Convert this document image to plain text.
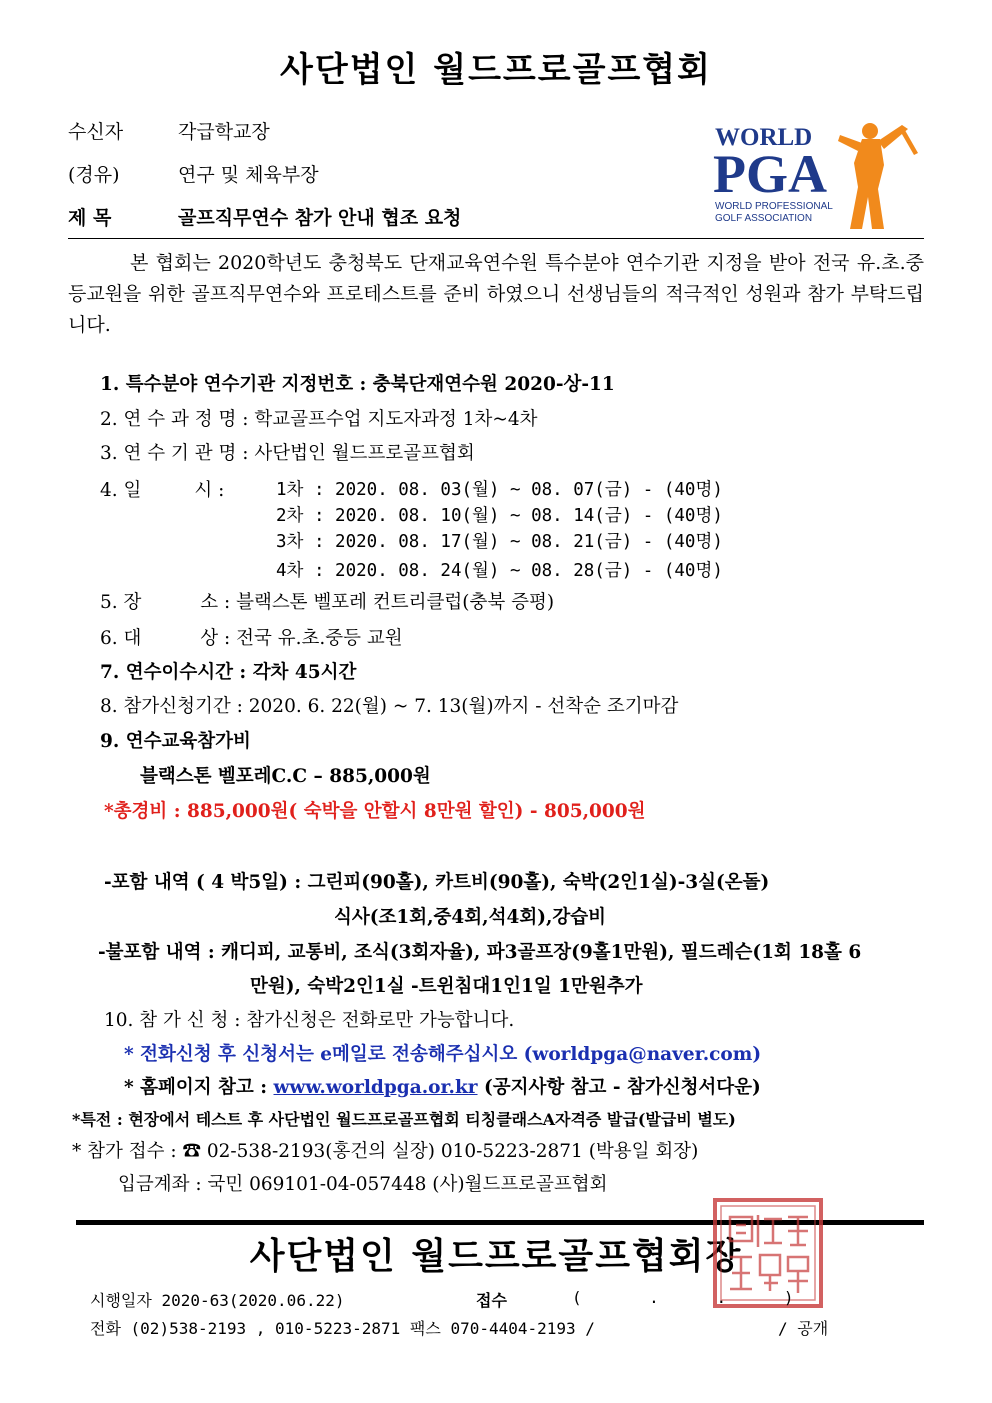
사단법인 월드프로골프협회
수신자	각급학교장
(경유)	연구 및 체육부장
제 목	골프직무연수 참가 안내 협조 요청
WORLD
PGA
WORLD PROFESSIONAL
GOLF ASSOCIATION
본 협회는 2020학년도 충청북도 단재교육연수원 특수분야 연수기관 지정을 받아 전국 유.초.중등교원을 위한 골프직무연수와 프로테스트를 준비 하였으니 선생님들의 적극적인 성원과 참가 부탁드립니다.
1. 특수분야 연수기관 지정번호 : 충북단재연수원 2020-상-11
2. 연 수 과 정 명 : 학교골프수업 지도자과정 1차~4차
3. 연 수 기 관 명 : 사단법인 월드프로골프협회
4. 일         시 :	1차 : 2020. 08. 03(월) ~ 08. 07(금) - (40명)
2차 : 2020. 08. 10(월) ~ 08. 14(금) - (40명)
3차 : 2020. 08. 17(월) ~ 08. 21(금) - (40명)
4차 : 2020. 08. 24(월) ~ 08. 28(금) - (40명)
5. 장          소 : 블랙스톤 벨포레 컨트리클럽(충북 증평)
6. 대          상 : 전국 유.초.중등 교원
7. 연수이수시간 : 각차 45시간
8. 참가신청기간 : 2020. 6. 22(월) ~ 7. 13(월)까지 - 선착순 조기마감
9. 연수교육참가비
블랙스톤 벨포레C.C – 885,000원
*총경비 : 885,000원( 숙박을 안할시 8만원 할인) - 805,000원
-포함 내역 ( 4 박5일) : 그린피(90홀), 카트비(90홀), 숙박(2인1실)-3실(온돌)
식사(조1회,중4회,석4회),강습비
-불포함 내역 : 캐디피, 교통비, 조식(3회자율), 파3골프장(9홀1만원), 필드레슨(1회 18홀 6
만원), 숙박2인1실 -트윈침대1인1일 1만원추가
10. 참 가 신 청 : 참가신청은 전화로만 가능합니다.
* 전화신청 후 신청서는 e메일로 전송해주십시오 (worldpga@naver.com)
* 홈페이지 참고 : www.worldpga.or.kr (공지사항 참고 - 참가신청서다운)
*특전 : 현장에서 테스트 후 사단법인 월드프로골프협회 티칭클래스A자격증 발급(발급비 별도)
* 참가 접수 : ☎ 02-538-2193(홍건의 실장) 010-5223-2871 (박용일 회장)
입금계좌 : 국민 069101-04-057448 (사)월드프로골프협회
사단법인 월드프로골프협회장
월드프로골프협회장인
시행일자 2020-63(2020.06.22)	접수	(       .      .      )
전화 (02)538-2193 , 010-5223-2871 팩스 070-4404-2193 /	/ 공개
